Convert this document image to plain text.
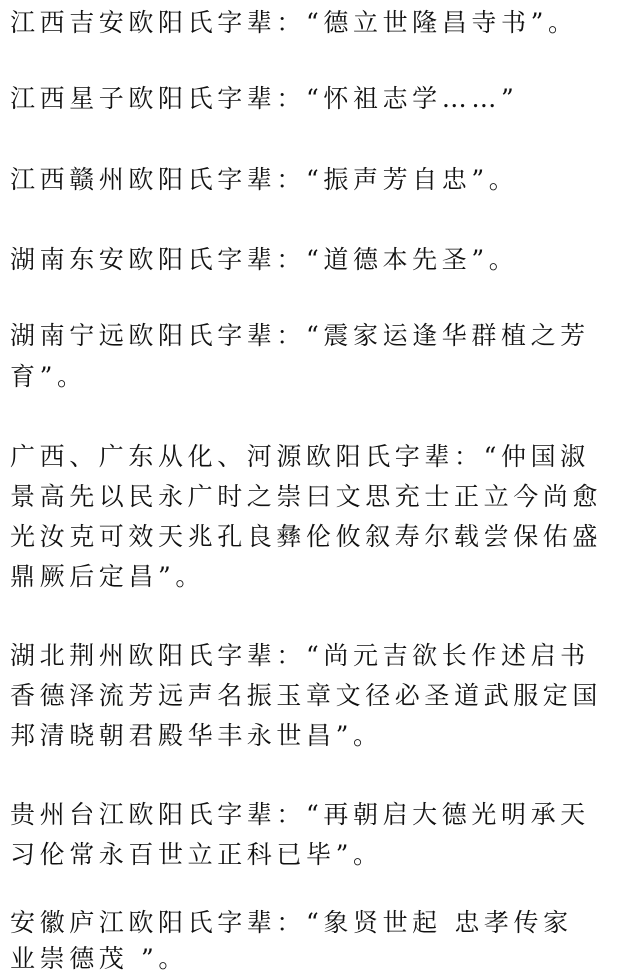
江西吉安欧阳氏字辈：“德立世隆昌寺书”。
江西星子欧阳氏字辈：“怀祖志学……”
江西赣州欧阳氏字辈：“振声芳自忠”。
湖南东安欧阳氏字辈：“道德本先圣”。
湖南宁远欧阳氏字辈：“震家运逢华群植之芳
育”。
广西、广东从化、河源欧阳氏字辈：“仲国淑
景高先以民永广时之崇曰文思充士正立今尚愈
光汝克可效天兆孔良彝伦攸叙寿尔载尝保佑盛
鼎厥后定昌”。
湖北荆州欧阳氏字辈：“尚元吉欲长作述启书
香德泽流芳远声名振玉章文径必圣道武服定国
邦清晓朝君殿华丰永世昌”。
贵州台江欧阳氏字辈：“再朝启大德光明承天
习伦常永百世立正科已毕”。
安徽庐江欧阳氏字辈：“象贤世起 忠孝传家
业崇德茂 ”。
